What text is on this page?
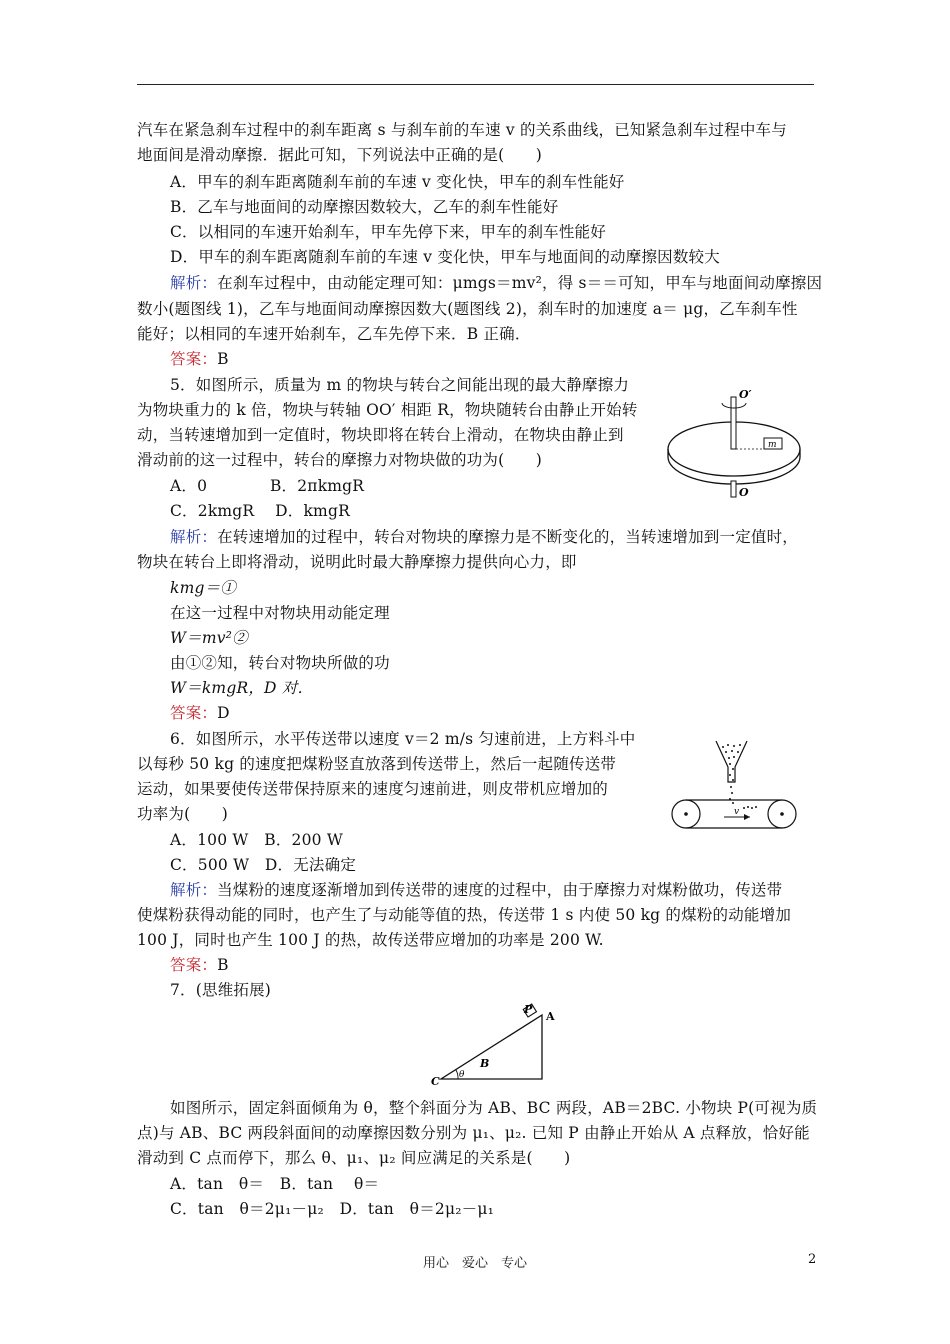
汽车在紧急刹车过程中的刹车距离 s 与刹车前的车速 v 的关系曲线，已知紧急刹车过程中车与
地面间是滑动摩擦．据此可知，下列说法中正确的是(　　)
A．甲车的刹车距离随刹车前的车速 v 变化快，甲车的刹车性能好
B．乙车与地面间的动摩擦因数较大，乙车的刹车性能好
C．以相同的车速开始刹车，甲车先停下来，甲车的刹车性能好
D．甲车的刹车距离随刹车前的车速 v 变化快，甲车与地面间的动摩擦因数较大
解析：在刹车过程中，由动能定理可知：μmgs＝mv²，得 s＝＝可知，甲车与地面间动摩擦因
数小(题图线 1)，乙车与地面间动摩擦因数大(题图线 2)，刹车时的加速度 a＝ μg，乙车刹车性
能好；以相同的车速开始刹车，乙车先停下来．B 正确．
答案：B
5．如图所示，质量为 m 的物块与转台之间能出现的最大静摩擦力
为物块重力的 k 倍，物块与转轴 OO′ 相距 R，物块随转台由静止开始转
动，当转速增加到一定值时，物块即将在转台上滑动，在物块由静止到
滑动前的这一过程中，转台的摩擦力对物块做的功为(　　)
A．0　　　　B．2πkmgR
C．2kmgR　 D．kmgR
m
O′
O
解析：在转速增加的过程中，转台对物块的摩擦力是不断变化的，当转速增加到一定值时，
物块在转台上即将滑动，说明此时最大静摩擦力提供向心力，即
kmg＝①
在这一过程中对物块用动能定理
W＝mv²②
由①②知，转台对物块所做的功
W＝kmgR，D 对．
答案：D
6．如图所示，水平传送带以速度 v＝2 m/s 匀速前进，上方料斗中
以每秒 50 kg 的速度把煤粉竖直放落到传送带上，然后一起随传送带
运动，如果要使传送带保持原来的速度匀速前进，则皮带机应增加的
功率为(　　)
A．100 W　B．200 W
C．500 W　D．无法确定
v
解析：当煤粉的速度逐渐增加到传送带的速度的过程中，由于摩擦力对煤粉做功，传送带
使煤粉获得动能的同时，也产生了与动能等值的热，传送带 1 s 内使 50 kg 的煤粉的动能增加
100 J，同时也产生 100 J 的热，故传送带应增加的功率是 200 W.
答案：B
7．(思维拓展)
P
A
B
C θ
如图所示，固定斜面倾角为 θ，整个斜面分为 AB、BC 两段，AB＝2BC. 小物块 P(可视为质
点)与 AB、BC 两段斜面间的动摩擦因数分别为 μ₁、μ₂. 已知 P 由静止开始从 A 点释放，恰好能
滑动到 C 点而停下，那么 θ、μ₁、μ₂ 间应满足的关系是(　　)
A．tan　θ＝　B．tan　 θ＝
C．tan　θ＝2μ₁－μ₂　D．tan　θ＝2μ₂－μ₁
用心　爱心　专心	2
